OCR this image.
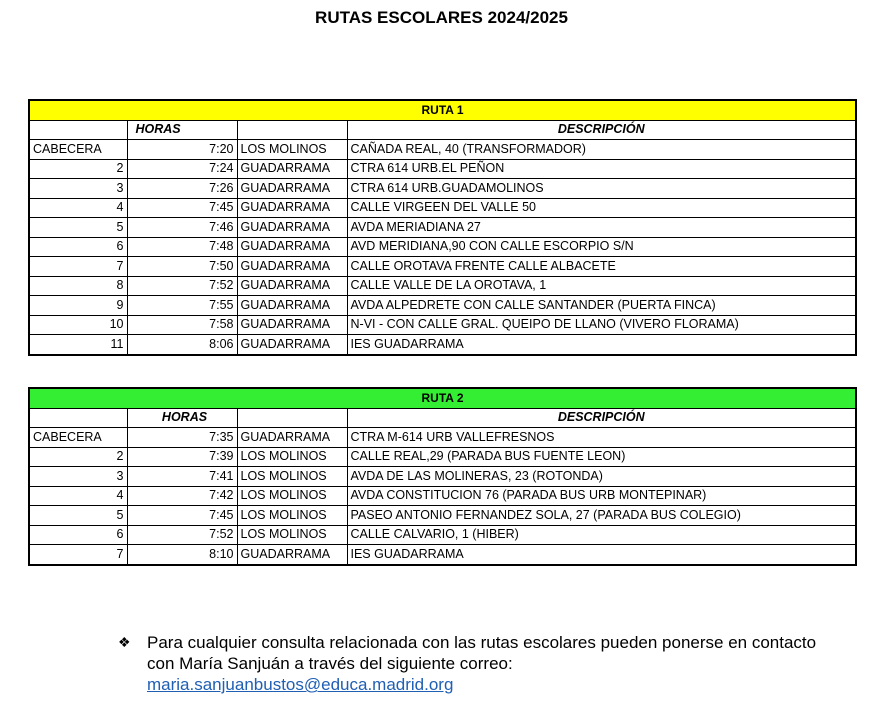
RUTAS ESCOLARES 2024/2025
RUTA 1			
	HORAS		DESCRIPCIÓN
CABECERA	7:20	LOS MOLINOS	CAÑADA REAL, 40 (TRANSFORMADOR)
2	7:24	GUADARRAMA	CTRA 614 URB.EL PEÑON
3	7:26	GUADARRAMA	CTRA 614 URB.GUADAMOLINOS
4	7:45	GUADARRAMA	CALLE VIRGEEN DEL VALLE 50
5	7:46	GUADARRAMA	AVDA MERIADIANA 27
6	7:48	GUADARRAMA	AVD MERIDIANA,90 CON CALLE ESCORPIO S/N
7	7:50	GUADARRAMA	CALLE OROTAVA FRENTE CALLE ALBACETE
8	7:52	GUADARRAMA	CALLE VALLE DE LA OROTAVA, 1
9	7:55	GUADARRAMA	AVDA ALPEDRETE CON CALLE SANTANDER (PUERTA FINCA)
10	7:58	GUADARRAMA	N-VI - CON CALLE GRAL. QUEIPO DE LLANO (VIVERO FLORAMA)
11	8:06	GUADARRAMA	IES GUADARRAMA
RUTA 2			
	HORAS		DESCRIPCIÓN
CABECERA	7:35	GUADARRAMA	CTRA M-614 URB VALLEFRESNOS
2	7:39	LOS MOLINOS	CALLE REAL,29 (PARADA BUS FUENTE LEON)
3	7:41	LOS MOLINOS	AVDA DE LAS MOLINERAS, 23 (ROTONDA)
4	7:42	LOS MOLINOS	AVDA CONSTITUCION 76 (PARADA BUS URB MONTEPINAR)
5	7:45	LOS MOLINOS	PASEO ANTONIO FERNANDEZ SOLA, 27 (PARADA BUS COLEGIO)
6	7:52	LOS MOLINOS	CALLE CALVARIO, 1 (HIBER)
7	8:10	GUADARRAMA	IES GUADARRAMA
❖ Para cualquier consulta relacionada con las rutas escolares pueden ponerse en contacto con María Sanjuán a través del siguiente correo:
maria.sanjuanbustos@educa.madrid.org
